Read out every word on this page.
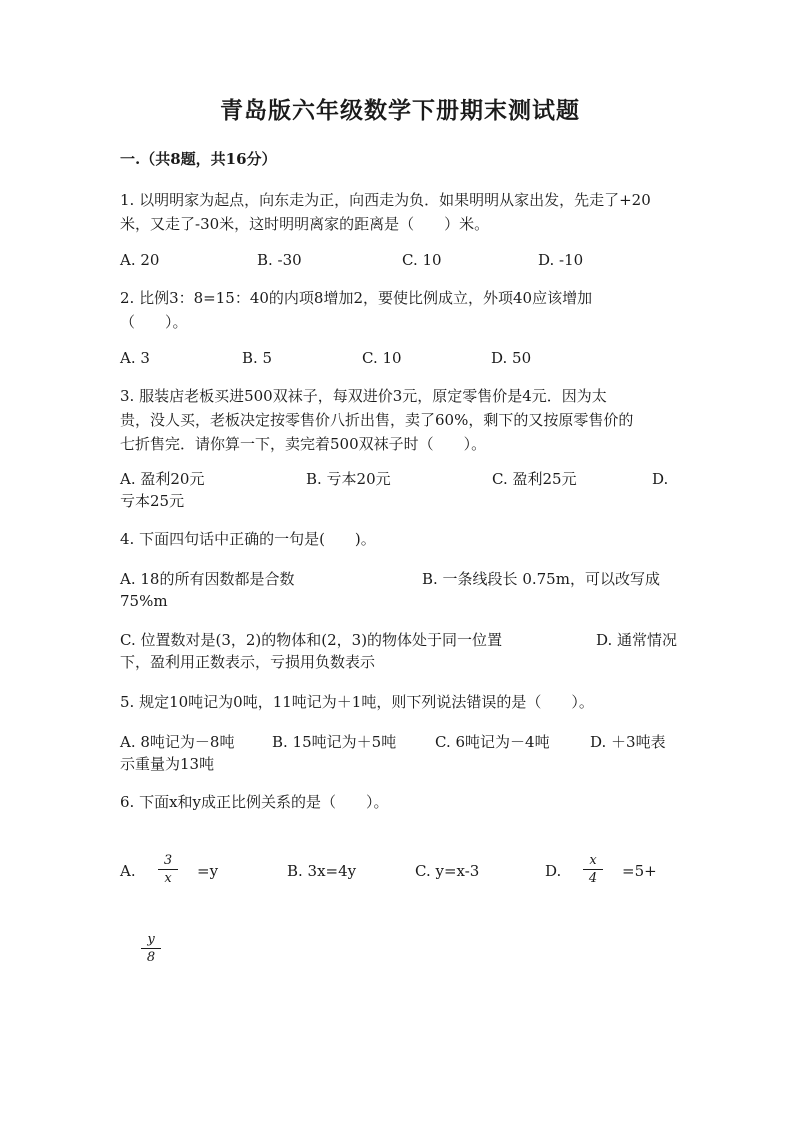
青岛版六年级数学下册期末测试题
一.（共8题，共16分）
1. 以明明家为起点，向东走为正，向西走为负．如果明明从家出发，先走了+20
米，又走了-30米，这时明明离家的距离是（　　）米。
A. 20	B. -30	C. 10	D. -10
2. 比例3：8=15：40的内项8增加2，要使比例成立，外项40应该增加
（　　）。
A. 3	B. 5	C. 10	D. 50
3. 服装店老板买进500双袜子，每双进价3元，原定零售价是4元．因为太
贵，没人买，老板决定按零售价八折出售，卖了60%，剩下的又按原零售价的
七折售完．请你算一下，卖完着500双袜子时（　　）。
A. 盈利20元	B. 亏本20元	C. 盈利25元	D.
亏本25元
4. 下面四句话中正确的一句是(　　)。
A. 18的所有因数都是合数	B. 一条线段长 0.75m，可以改写成
75%m
C. 位置数对是(3，2)的物体和(2，3)的物体处于同一位置	D. 通常情况
下，盈利用正数表示，亏损用负数表示
5. 规定10吨记为0吨，11吨记为＋1吨，则下列说法错误的是（　　）。
A. 8吨记为－8吨	B. 15吨记为＋5吨	C. 6吨记为－4吨	D. ＋3吨表
示重量为13吨
6. 下面x和y成正比例关系的是（　　）。
A.
3
x	=y	B. 3x=4y	C. y=x-3	D.
x
4	=5+
y
8
